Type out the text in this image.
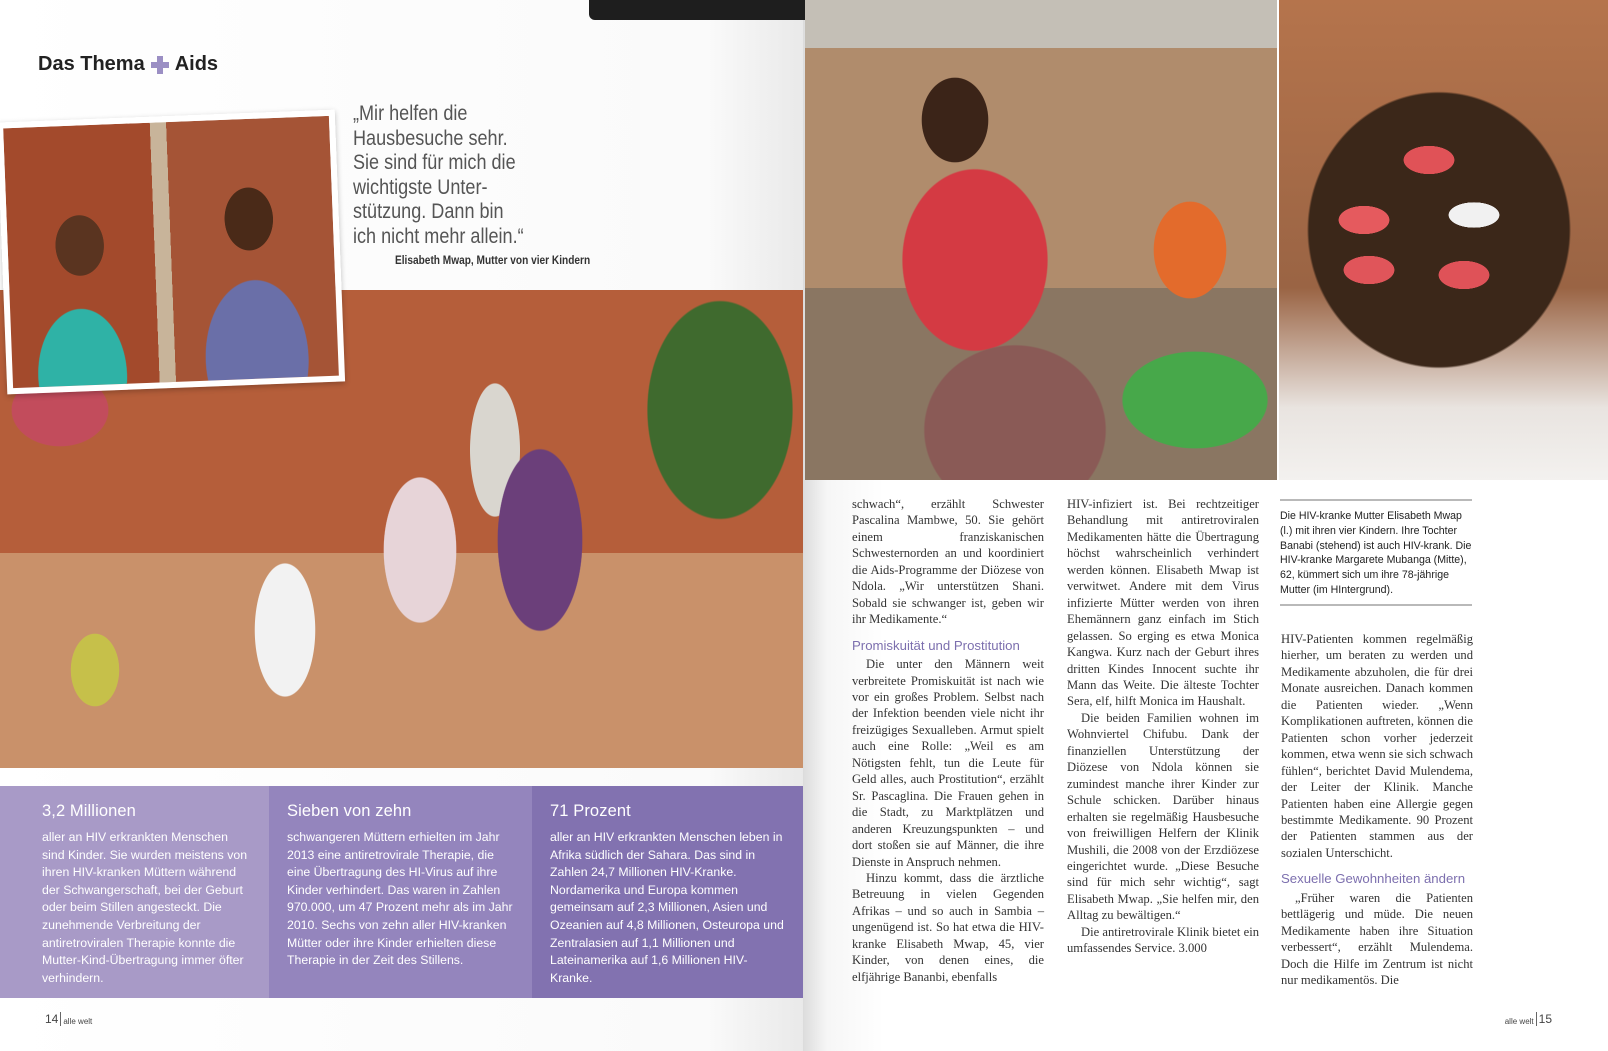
Das Thema Aids
„Mir helfen die
Hausbesuche sehr.
Sie sind für mich die
wichtigste Unter-
stützung. Dann bin
ich nicht mehr allein.“
Elisabeth Mwap, Mutter von vier Kindern
3,2 Millionen

aller an HIV erkrankten Menschen sind Kinder. Sie wurden meistens von ihren HIV-kranken Müttern während der Schwangerschaft, bei der Geburt oder beim Stillen angesteckt. Die zunehmende Verbreitung der antiretroviralen Therapie konnte die Mutter-Kind-Übertragung immer öfter verhindern.

Sieben von zehn

schwangeren Müttern erhielten im Jahr 2013 eine antiretrovirale Therapie, die eine Übertragung des HI-Virus auf ihre Kinder verhindert. Das waren in Zahlen 970.000, um 47 Prozent mehr als im Jahr 2010. Sechs von zehn aller HIV-kranken Mütter oder ihre Kinder erhielten diese Therapie in der Zeit des Stillens.

71 Prozent

aller an HIV erkrankten Menschen leben in Afrika südlich der Sahara. Das sind in Zahlen 24,7 Millionen HIV-Kranke. Nordamerika und Europa kommen gemeinsam auf 2,3 Millionen, Asien und Ozeanien auf 4,8 Millionen, Osteuropa und Zentralasien auf 1,1 Millionen und Lateinamerika auf 1,6 Millionen HIV-Kranke.

schwach“, erzählt Schwester Pascalina Mambwe, 50. Sie gehört einem franziskanischen Schwesternorden an und koordiniert die Aids-Programme der Diözese von Ndola. „Wir unterstützen Shani. Sobald sie schwanger ist, geben wir ihr Medikamente.“

Promiskuität und Prostitution

Die unter den Männern weit verbreitete Promiskuität ist nach wie vor ein großes Problem. Selbst nach der Infektion beenden viele nicht ihr freizügiges Sexualleben. Armut spielt auch eine Rolle: „Weil es am Nötigsten fehlt, tun die Leute für Geld alles, auch Prostitution“, erzählt Sr. Pascaglina. Die Frauen gehen in die Stadt, zu Marktplätzen und anderen Kreuzungspunkten – und dort stoßen sie auf Männer, die ihre Dienste in Anspruch nehmen.

Hinzu kommt, dass die ärztliche Betreuung in vielen Gegenden Afrikas – und so auch in Sambia – ungenügend ist. So hat etwa die HIV-kranke Elisabeth Mwap, 45, vier Kinder, von denen eines, die elfjährige Bananbi, ebenfalls

HIV-infiziert ist. Bei rechtzeitiger Behandlung mit antiretroviralen Medikamenten hätte die Übertragung höchst wahrscheinlich verhindert werden können. Elisabeth Mwap ist verwitwet. Andere mit dem Virus infizierte Mütter werden von ihren Ehemännern ganz einfach im Stich gelassen. So erging es etwa Monica Kangwa. Kurz nach der Geburt ihres dritten Kindes Innocent suchte ihr Mann das Weite. Die älteste Tochter Sera, elf, hilft Monica im Haushalt.

Die beiden Familien wohnen im Wohnviertel Chifubu. Dank der finanziellen Unterstützung der Diözese von Ndola können sie zumindest manche ihrer Kinder zur Schule schicken. Darüber hinaus erhalten sie regelmäßig Hausbesuche von freiwilligen Helfern der Klinik Mushili, die 2008 von der Erzdiözese eingerichtet wurde. „Diese Besuche sind für mich sehr wichtig“, sagt Elisabeth Mwap. „Sie helfen mir, den Alltag zu bewältigen.“

Die antiretrovirale Klinik bietet ein umfassendes Service. 3.000

Die HIV-kranke Mutter Elisabeth Mwap (l.) mit ihren vier Kindern. Ihre Tochter Banabi (stehend) ist auch HIV-krank. Die HIV-kranke Margarete Mubanga (Mitte), 62, kümmert sich um ihre 78-jährige Mutter (im HIntergrund).

HIV-Patienten kommen regelmäßig hierher, um beraten zu werden und Medikamente abzuholen, die für drei Monate ausreichen. Danach kommen die Patienten wieder. „Wenn Komplikationen auftreten, können die Patienten schon vorher jederzeit kommen, etwa wenn sie sich schwach fühlen“, berichtet David Mulendema, der Leiter der Klinik. Manche Patienten haben eine Allergie gegen bestimmte Medikamente. 90 Prozent der Patienten stammen aus der sozialen Unterschicht.

Sexuelle Gewohnheiten ändern

„Früher waren die Patienten bettlägerig und müde. Die neuen Medikamente haben ihre Situation verbessert“, erzählt Mulendema. Doch die Hilfe im Zentrum ist nicht nur medikamentös. Die

14 alle welt	alle welt 15
